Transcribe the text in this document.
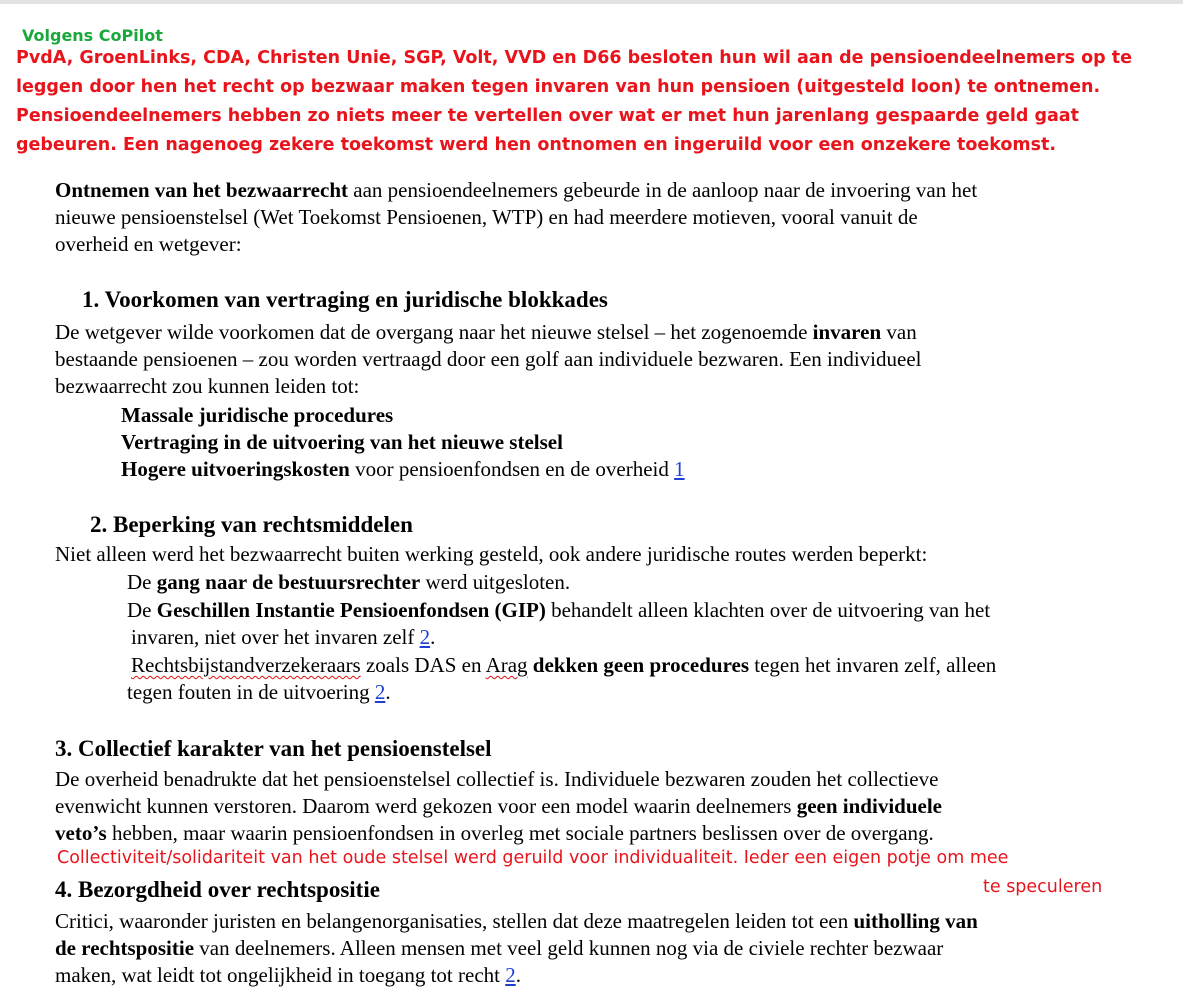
Volgens CoPilot
PvdA, GroenLinks, CDA, Christen Unie, SGP, Volt, VVD en D66 besloten hun wil aan de pensioendeelnemers op te
leggen door hen het recht op bezwaar maken tegen invaren van hun pensioen (uitgesteld loon) te ontnemen.
Pensioendeelnemers hebben zo niets meer te vertellen over wat er met hun jarenlang gespaarde geld gaat
gebeuren. Een nagenoeg zekere toekomst werd hen ontnomen en ingeruild voor een onzekere toekomst.
Ontnemen van het bezwaarrecht aan pensioendeelnemers gebeurde in de aanloop naar de invoering van het
nieuwe pensioenstelsel (Wet Toekomst Pensioenen, WTP) en had meerdere motieven, vooral vanuit de
overheid en wetgever:
1. Voorkomen van vertraging en juridische blokkades
De wetgever wilde voorkomen dat de overgang naar het nieuwe stelsel – het zogenoemde invaren van
bestaande pensioenen – zou worden vertraagd door een golf aan individuele bezwaren. Een individueel
bezwaarrecht zou kunnen leiden tot:
Massale juridische procedures
Vertraging in de uitvoering van het nieuwe stelsel
Hogere uitvoeringskosten voor pensioenfondsen en de overheid 1
2. Beperking van rechtsmiddelen
Niet alleen werd het bezwaarrecht buiten werking gesteld, ook andere juridische routes werden beperkt:
De gang naar de bestuursrechter werd uitgesloten.
De Geschillen Instantie Pensioenfondsen (GIP) behandelt alleen klachten over de uitvoering van het
invaren, niet over het invaren zelf 2.
Rechtsbijstandverzekeraars zoals DAS en Arag dekken geen procedures tegen het invaren zelf, alleen
tegen fouten in de uitvoering 2.
3. Collectief karakter van het pensioenstelsel
De overheid benadrukte dat het pensioenstelsel collectief is. Individuele bezwaren zouden het collectieve
evenwicht kunnen verstoren. Daarom werd gekozen voor een model waarin deelnemers geen individuele
veto’s hebben, maar waarin pensioenfondsen in overleg met sociale partners beslissen over de overgang.
Collectiviteit/solidariteit van het oude stelsel werd geruild voor individualiteit. Ieder een eigen potje om mee
te speculeren
4. Bezorgdheid over rechtspositie
Critici, waaronder juristen en belangenorganisaties, stellen dat deze maatregelen leiden tot een uitholling van
de rechtspositie van deelnemers. Alleen mensen met veel geld kunnen nog via de civiele rechter bezwaar
maken, wat leidt tot ongelijkheid in toegang tot recht 2.
